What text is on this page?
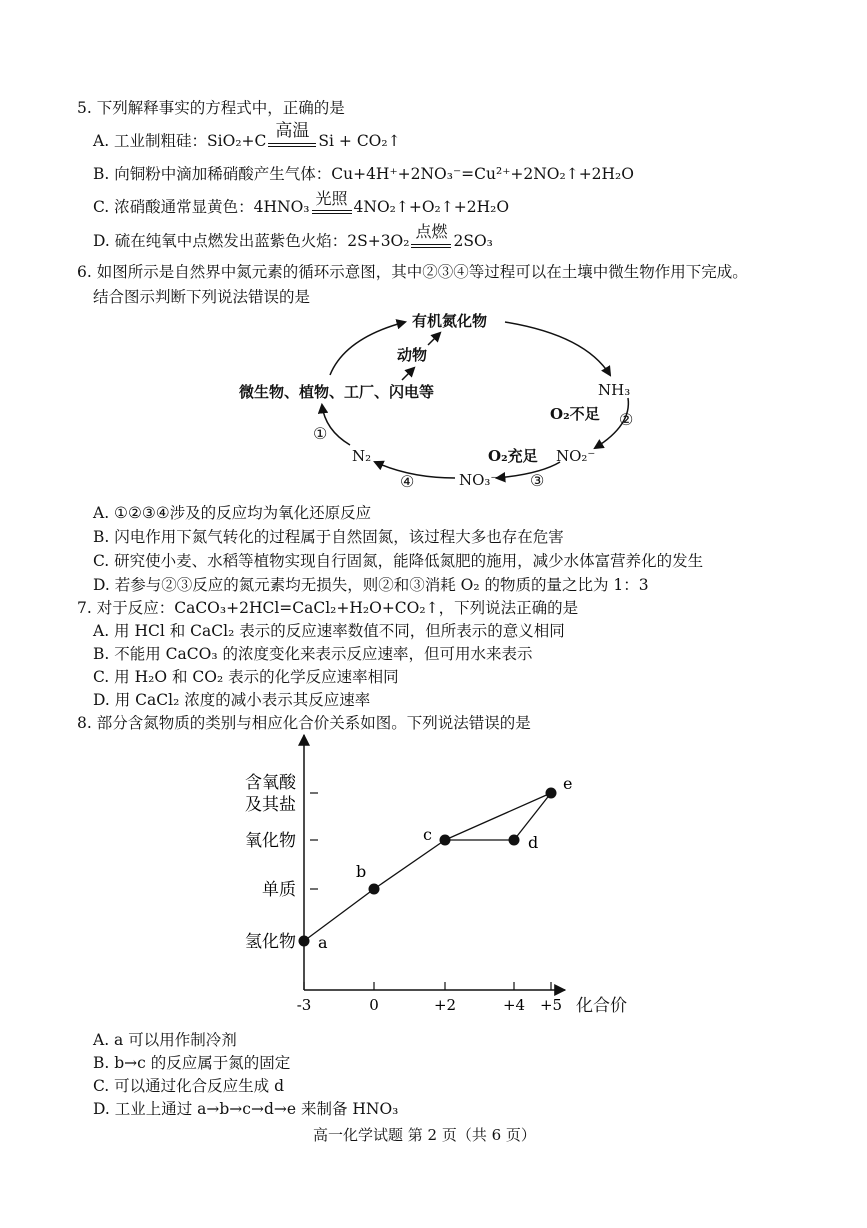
5. 下列解释事实的方程式中，正确的是
A. 工业制粗硅：SiO₂+C 高温 Si + CO₂↑
B. 向铜粉中滴加稀硝酸产生气体：Cu+4H⁺+2NO₃⁻=Cu²⁺+2NO₂↑+2H₂O
C. 浓硝酸通常显黄色：4HNO₃ 光照 4NO₂↑+O₂↑+2H₂O
D. 硫在纯氧中点燃发出蓝紫色火焰：2S+3O₂ 点燃 2SO₃
6. 如图所示是自然界中氮元素的循环示意图，其中②③④等过程可以在土壤中微生物作用下完成。
结合图示判断下列说法错误的是
有机氮化物
动物
微生物、植物、工厂、闪电等	NH₃
O₂不足 ②
NO₂⁻
O₂充足
③
NO₃⁻
④
N₂
①
A. ①②③④涉及的反应均为氧化还原反应
B. 闪电作用下氮气转化的过程属于自然固氮，该过程大多也存在危害
C. 研究使小麦、水稻等植物实现自行固氮，能降低氮肥的施用，减少水体富营养化的发生
D. 若参与②③反应的氮元素均无损失，则②和③消耗 O₂ 的物质的量之比为 1：3
7. 对于反应：CaCO₃+2HCl=CaCl₂+H₂O+CO₂↑，下列说法正确的是
A. 用 HCl 和 CaCl₂ 表示的反应速率数值不同，但所表示的意义相同
B. 不能用 CaCO₃ 的浓度变化来表示反应速率，但可用水来表示
C. 用 H₂O 和 CO₂ 表示的化学反应速率相同
D. 用 CaCl₂ 浓度的减小表示其反应速率
8. 部分含氮物质的类别与相应化合价关系如图。下列说法错误的是
-3	0	+2	+4 +5
氢化物
单质
氧化物
含氧酸
及其盐
a
b
c	d
e
化合价
A. a 可以用作制冷剂
B. b→c 的反应属于氮的固定
C. 可以通过化合反应生成 d
D. 工业上通过 a→b→c→d→e 来制备 HNO₃
高一化学试题 第 2 页（共 6 页）
